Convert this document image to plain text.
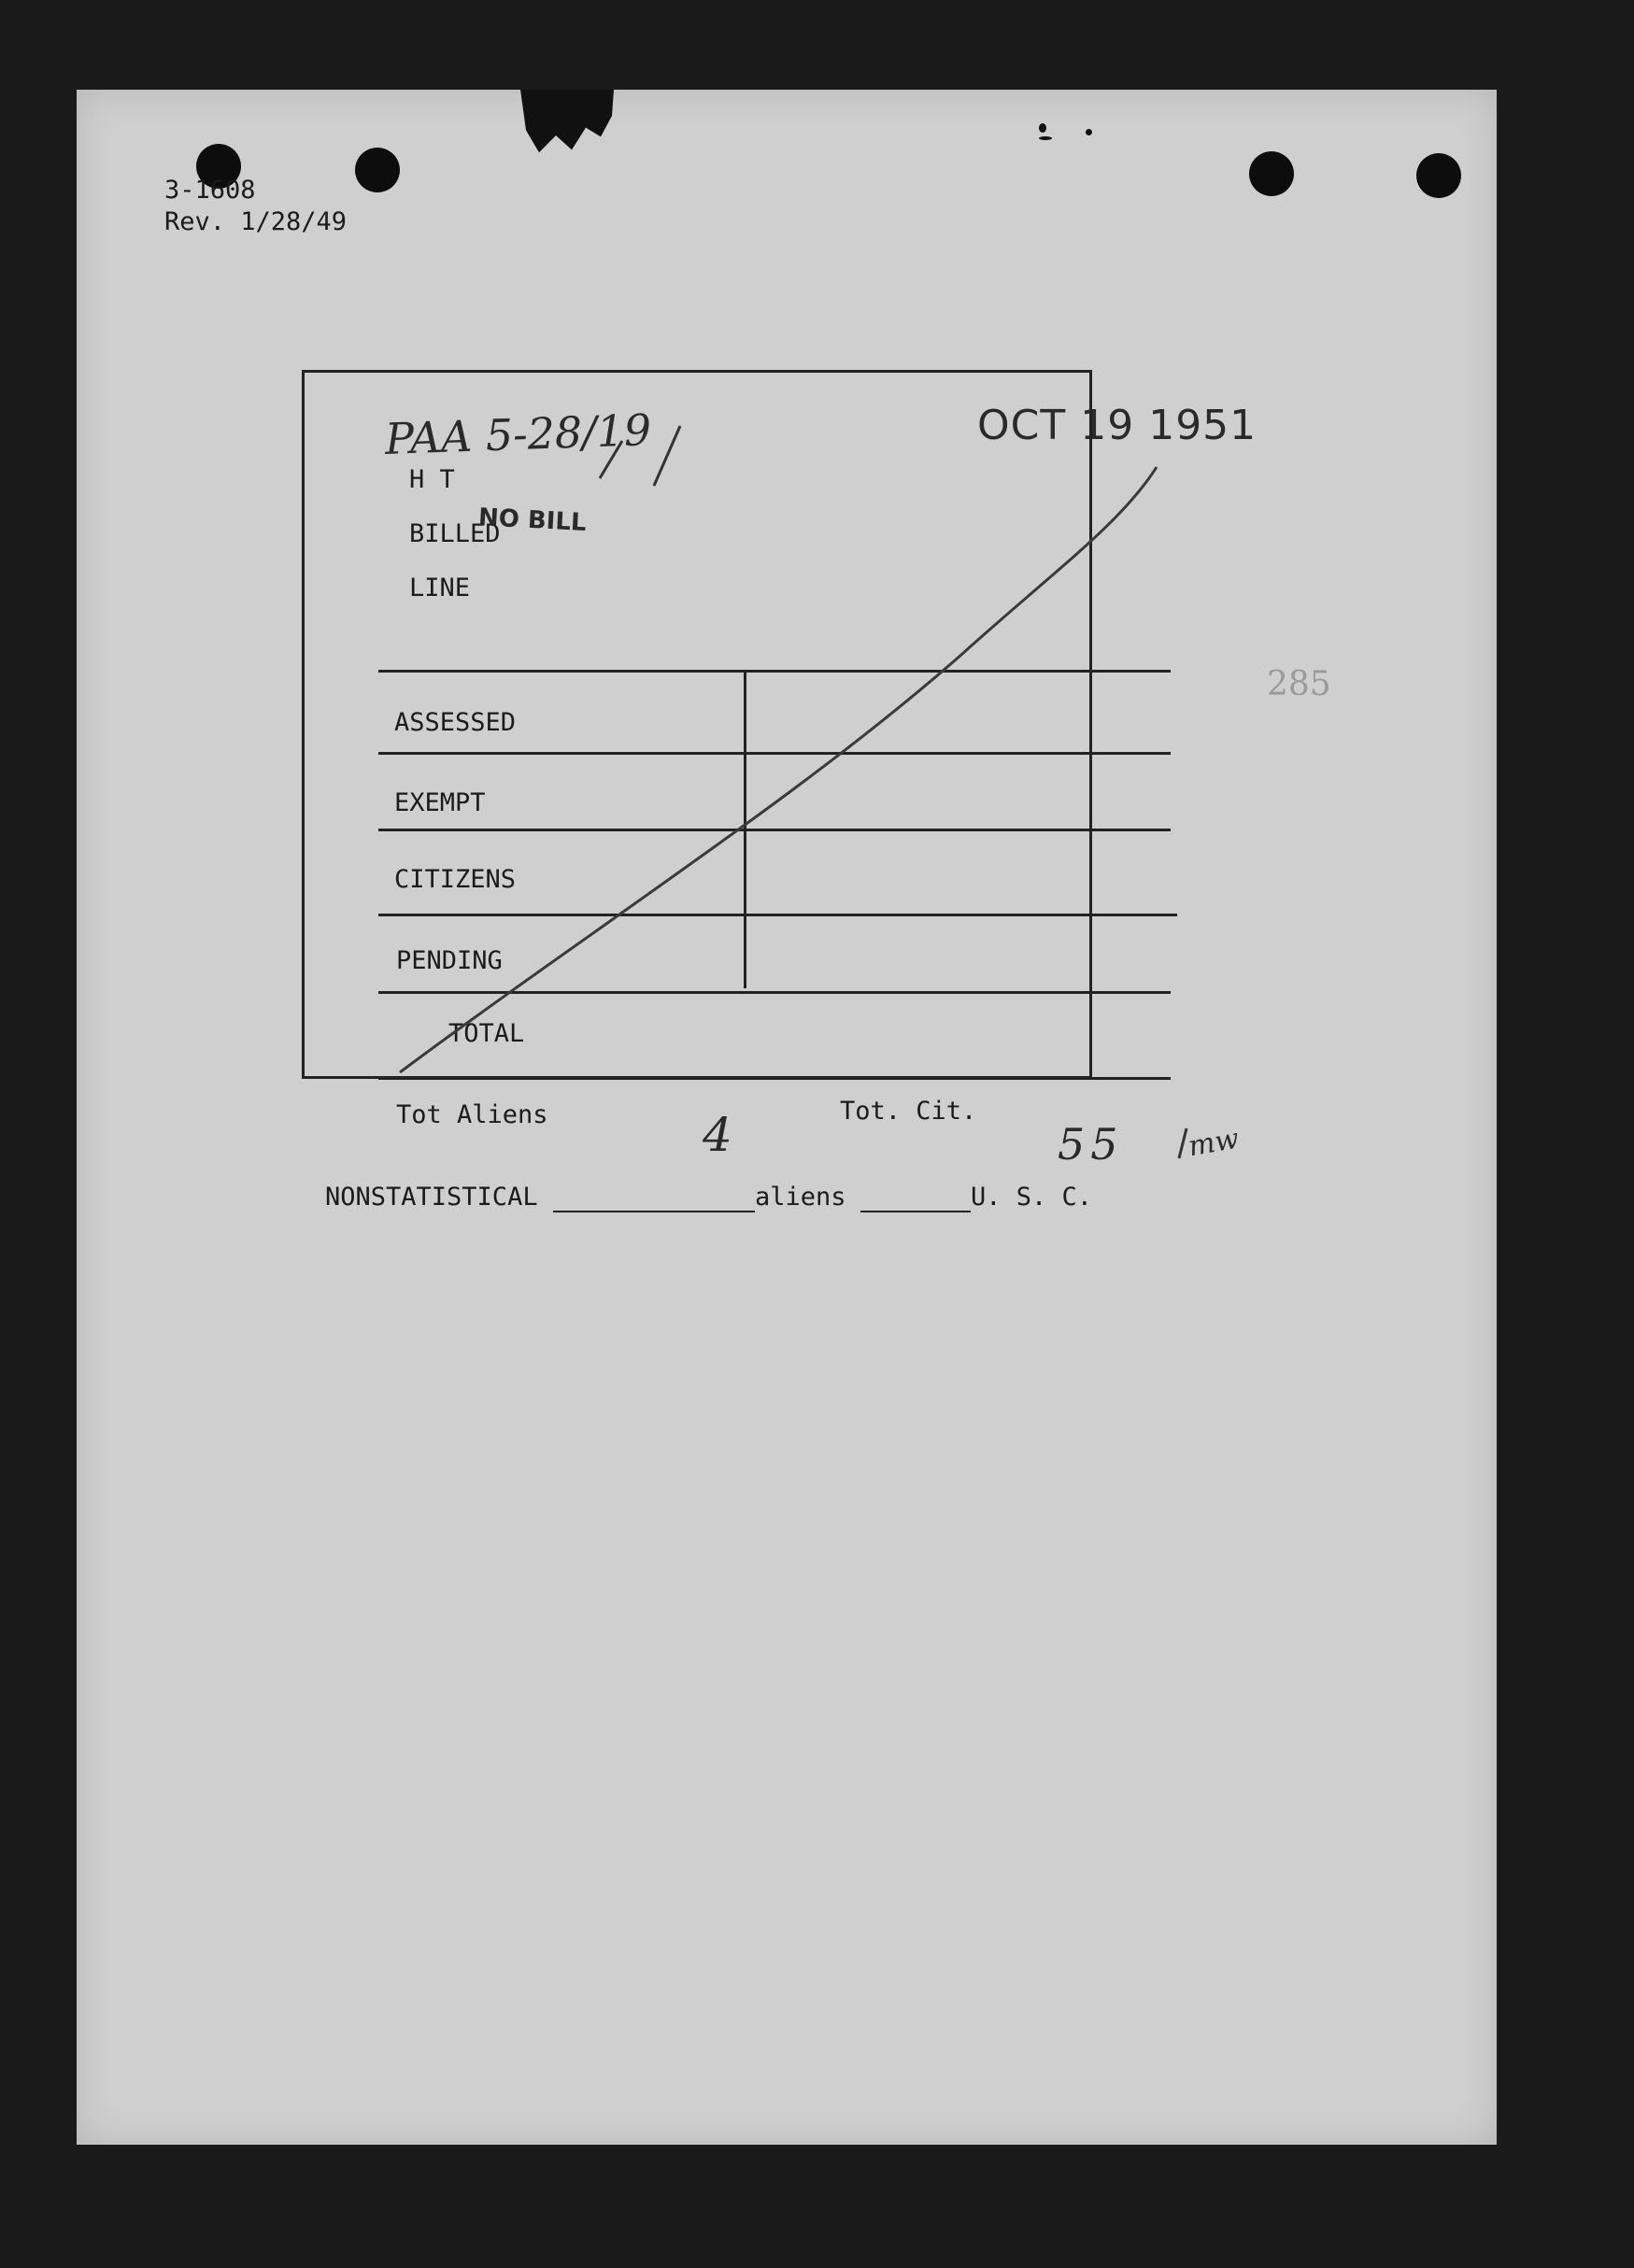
3-1608
Rev. 1/28/49
PAA 5-28/19	OCT 19 1951
285
H T
BILLED
NO BILL
LINE
ASSESSED
EXEMPT
CITIZENS
PENDING
TOTAL
Tot Aliens	Tot. Cit.
4	55 mw
NONSTATISTICAL	aliens	U. S. C.
